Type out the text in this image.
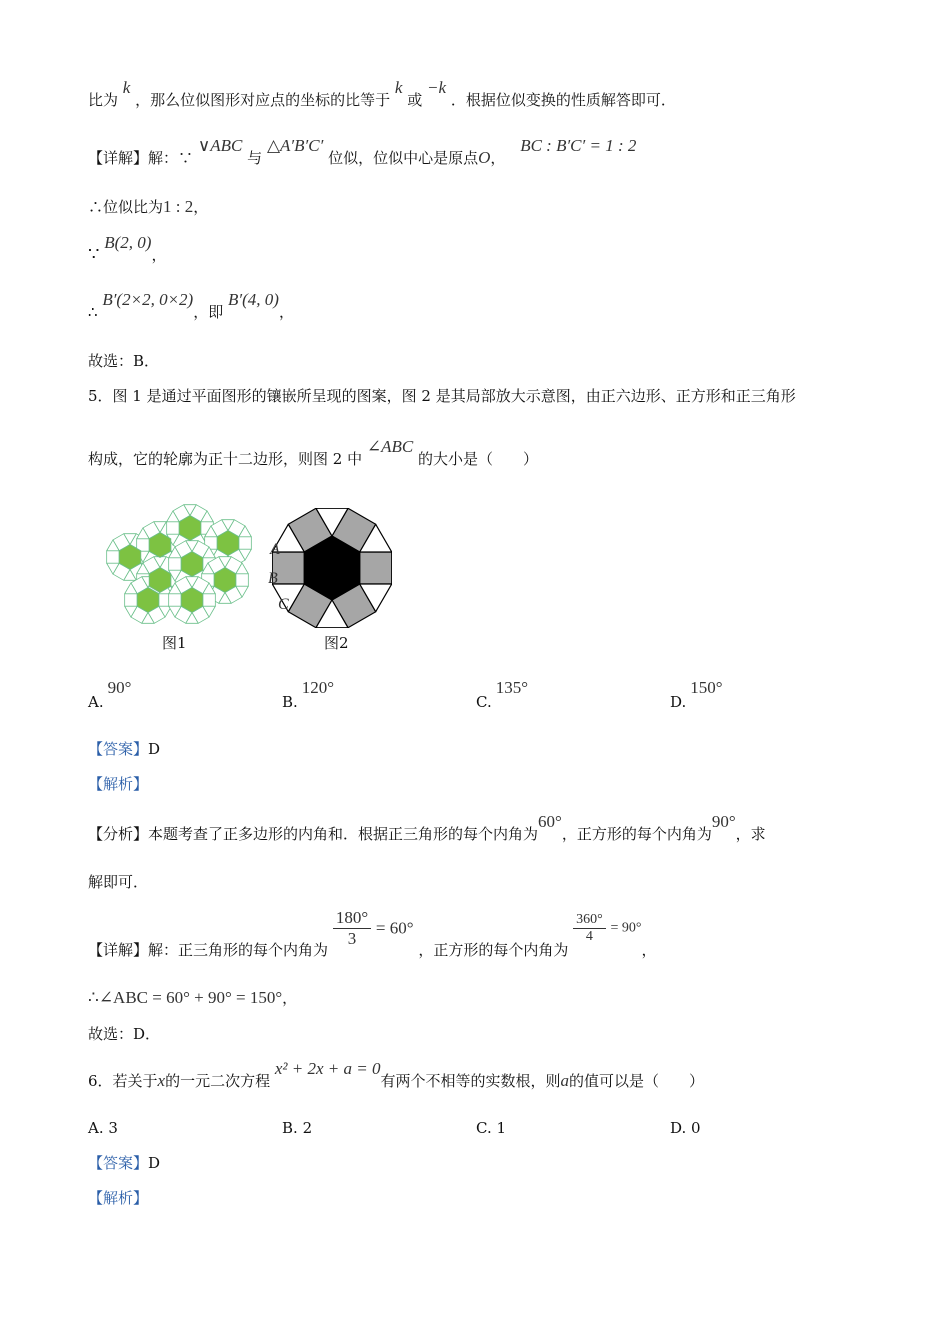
比为 k ，那么位似图形对应点的坐标的比等于 k 或 −k ．根据位似变换的性质解答即可．
【详解】解：∵ ∨ABC 与 △A′B′C′ 位似，位似中心是原点O， BC : B′C′ = 1 : 2
∴位似比为1 : 2，
∵ B(2, 0)，
∴ B′(2×2, 0×2)，即 B′(4, 0)，
故选：B．
5．图 1 是通过平面图形的镶嵌所呈现的图案，图 2 是其局部放大示意图，由正六边形、正方形和正三角形
构成，它的轮廓为正十二边形，则图 2 中 ∠ABC 的大小是（　　）
图1
A
B
C
图2
A.90°
B.120°
C.135°
D.150°
【答案】D
【解析】
【分析】本题考查了正多边形的内角和．根据正三角形的每个内角为60°，正方形的每个内角为90°，求
解即可．
【详解】解：正三角形的每个内角为
$\frac{180^\circ}{3} = 60^\circ$ ，正方形的每个内角为
$\frac{360^\circ}{4} = 90^\circ$，
∴∠ABC = 60° + 90° = 150°，
故选：D．
6．若关于x的一元二次方程 x² + 2x + a = 0有两个不相等的实数根，则a的值可以是（　　）
A. 3	B. 2	C. 1	D. 0
【答案】D
【解析】
